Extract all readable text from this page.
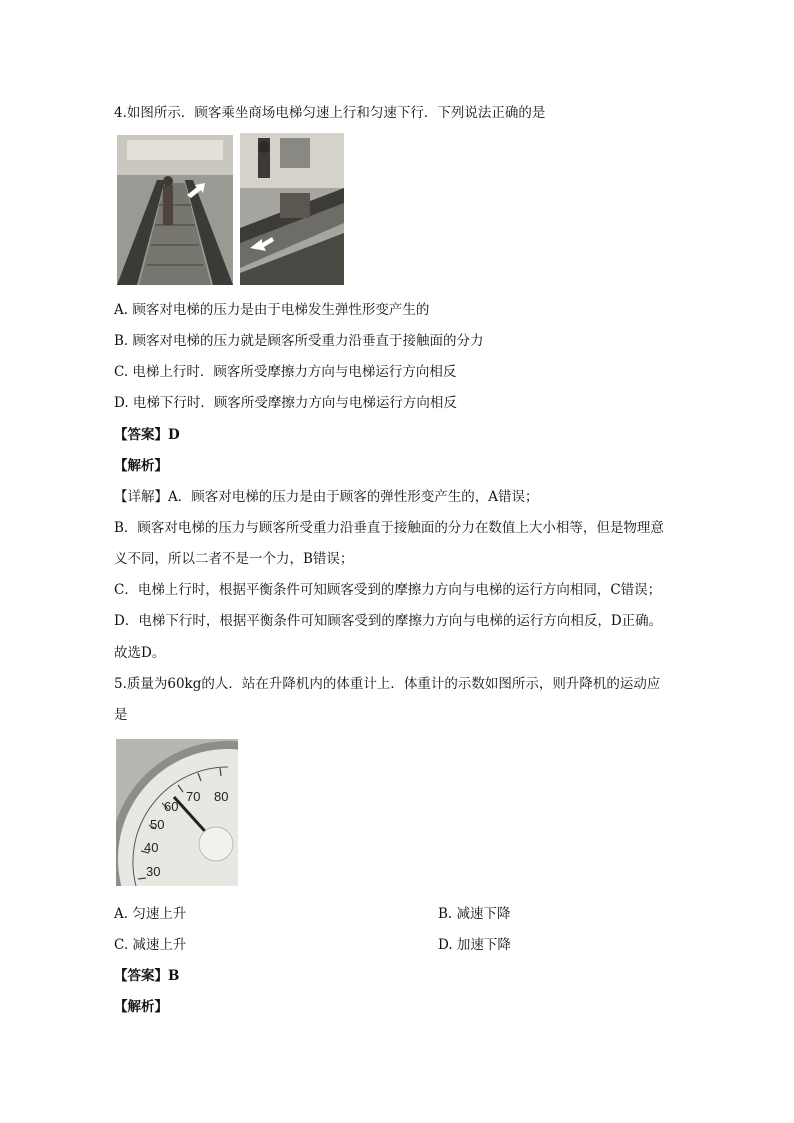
4.如图所示．顾客乘坐商场电梯匀速上行和匀速下行．下列说法正确的是
A. 顾客对电梯的压力是由于电梯发生弹性形变产生的
B. 顾客对电梯的压力就是顾客所受重力沿垂直于接触面的分力
C. 电梯上行时．顾客所受摩擦力方向与电梯运行方向相反
D. 电梯下行时．顾客所受摩擦力方向与电梯运行方向相反
【答案】D
【解析】
【详解】A．顾客对电梯的压力是由于顾客的弹性形变产生的，A错误；
B．顾客对电梯的压力与顾客所受重力沿垂直于接触面的分力在数值上大小相等，但是物理意
义不同，所以二者不是一个力，B错误；
C．电梯上行时，根据平衡条件可知顾客受到的摩擦力方向与电梯的运行方向相同，C错误；
D．电梯下行时，根据平衡条件可知顾客受到的摩擦力方向与电梯的运行方向相反，D正确。
故选D。
5.质量为60kg的人．站在升降机内的体重计上．体重计的示数如图所示，则升降机的运动应
是
70 80
60
50
40
30
A. 匀速上升	B. 减速下降
C. 减速上升	D. 加速下降
【答案】B
【解析】
